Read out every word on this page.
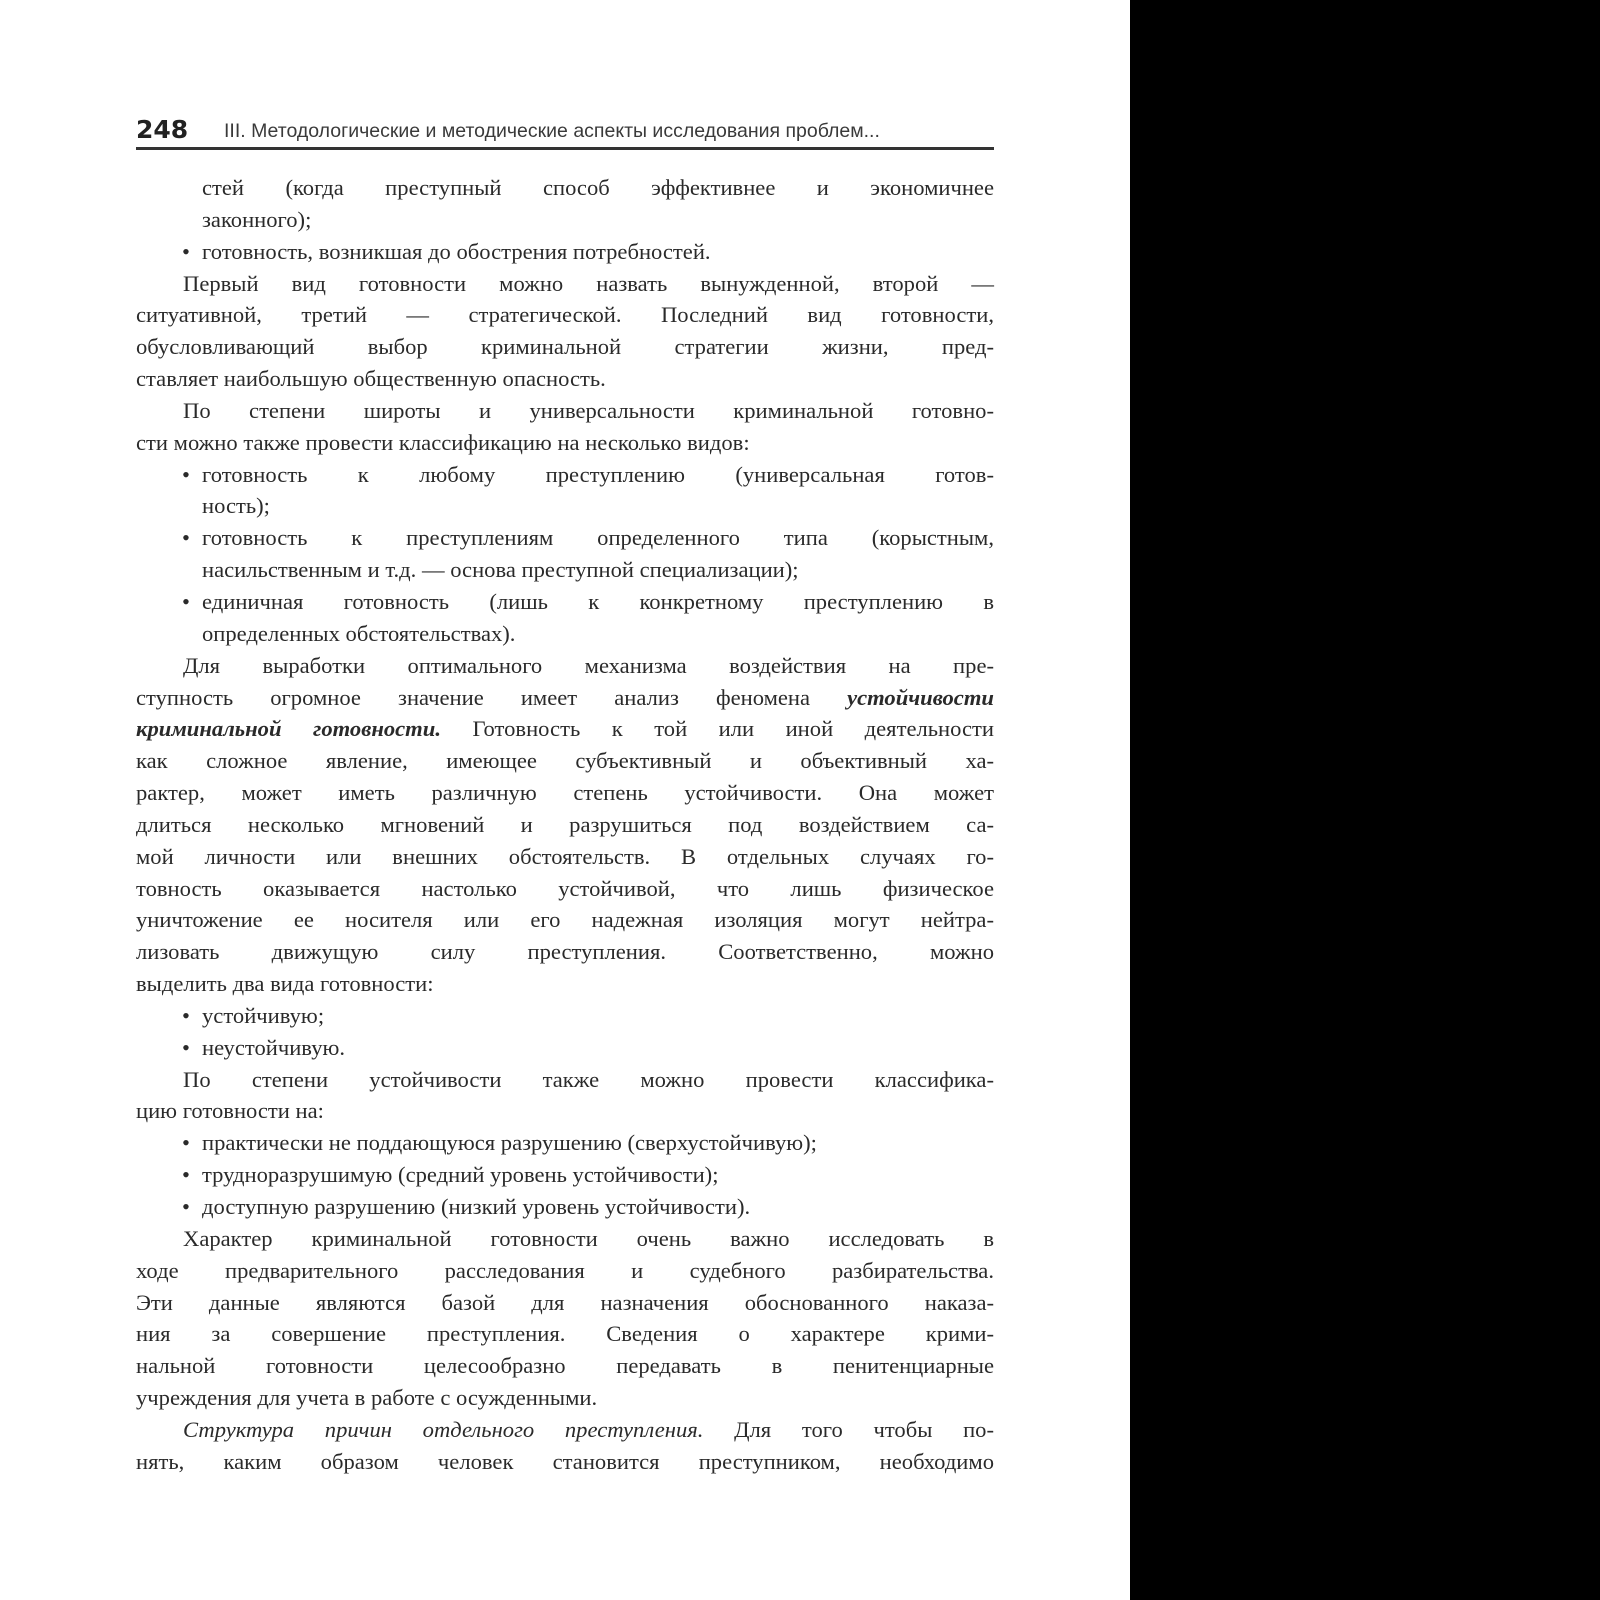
248	III. Методологические и методические аспекты исследования проблем...
стей (когда преступный способ эффективнее и экономичнее
законного);
• готовность, возникшая до обострения потребностей.
Первый вид готовности можно назвать вынужденной, второй —
ситуативной, третий — стратегической. Последний вид готовности,
обусловливающий выбор криминальной стратегии жизни, пред-
ставляет наибольшую общественную опасность.
По степени широты и универсальности криминальной готовно-
сти можно также провести классификацию на несколько видов:
• готовность к любому преступлению (универсальная готов-
ность);
• готовность к преступлениям определенного типа (корыстным,
насильственным и т.д. — основа преступной специализации);
• единичная готовность (лишь к конкретному преступлению в
определенных обстоятельствах).
Для выработки оптимального механизма воздействия на пре-
ступность огромное значение имеет анализ феномена устойчивости
криминальной готовности. Готовность к той или иной деятельности
как сложное явление, имеющее субъективный и объективный ха-
рактер, может иметь различную степень устойчивости. Она может
длиться несколько мгновений и разрушиться под воздействием са-
мой личности или внешних обстоятельств. В отдельных случаях го-
товность оказывается настолько устойчивой, что лишь физическое
уничтожение ее носителя или его надежная изоляция могут нейтра-
лизовать движущую силу преступления. Соответственно, можно
выделить два вида готовности:
• устойчивую;
• неустойчивую.
По степени устойчивости также можно провести классифика-
цию готовности на:
• практически не поддающуюся разрушению (сверхустойчивую);
• трудноразрушимую (средний уровень устойчивости);
• доступную разрушению (низкий уровень устойчивости).
Характер криминальной готовности очень важно исследовать в
ходе предварительного расследования и судебного разбирательства.
Эти данные являются базой для назначения обоснованного наказа-
ния за совершение преступления. Сведения о характере крими-
нальной готовности целесообразно передавать в пенитенциарные
учреждения для учета в работе с осужденными.
Структура причин отдельного преступления. Для того чтобы по-
нять, каким образом человек становится преступником, необходимо
